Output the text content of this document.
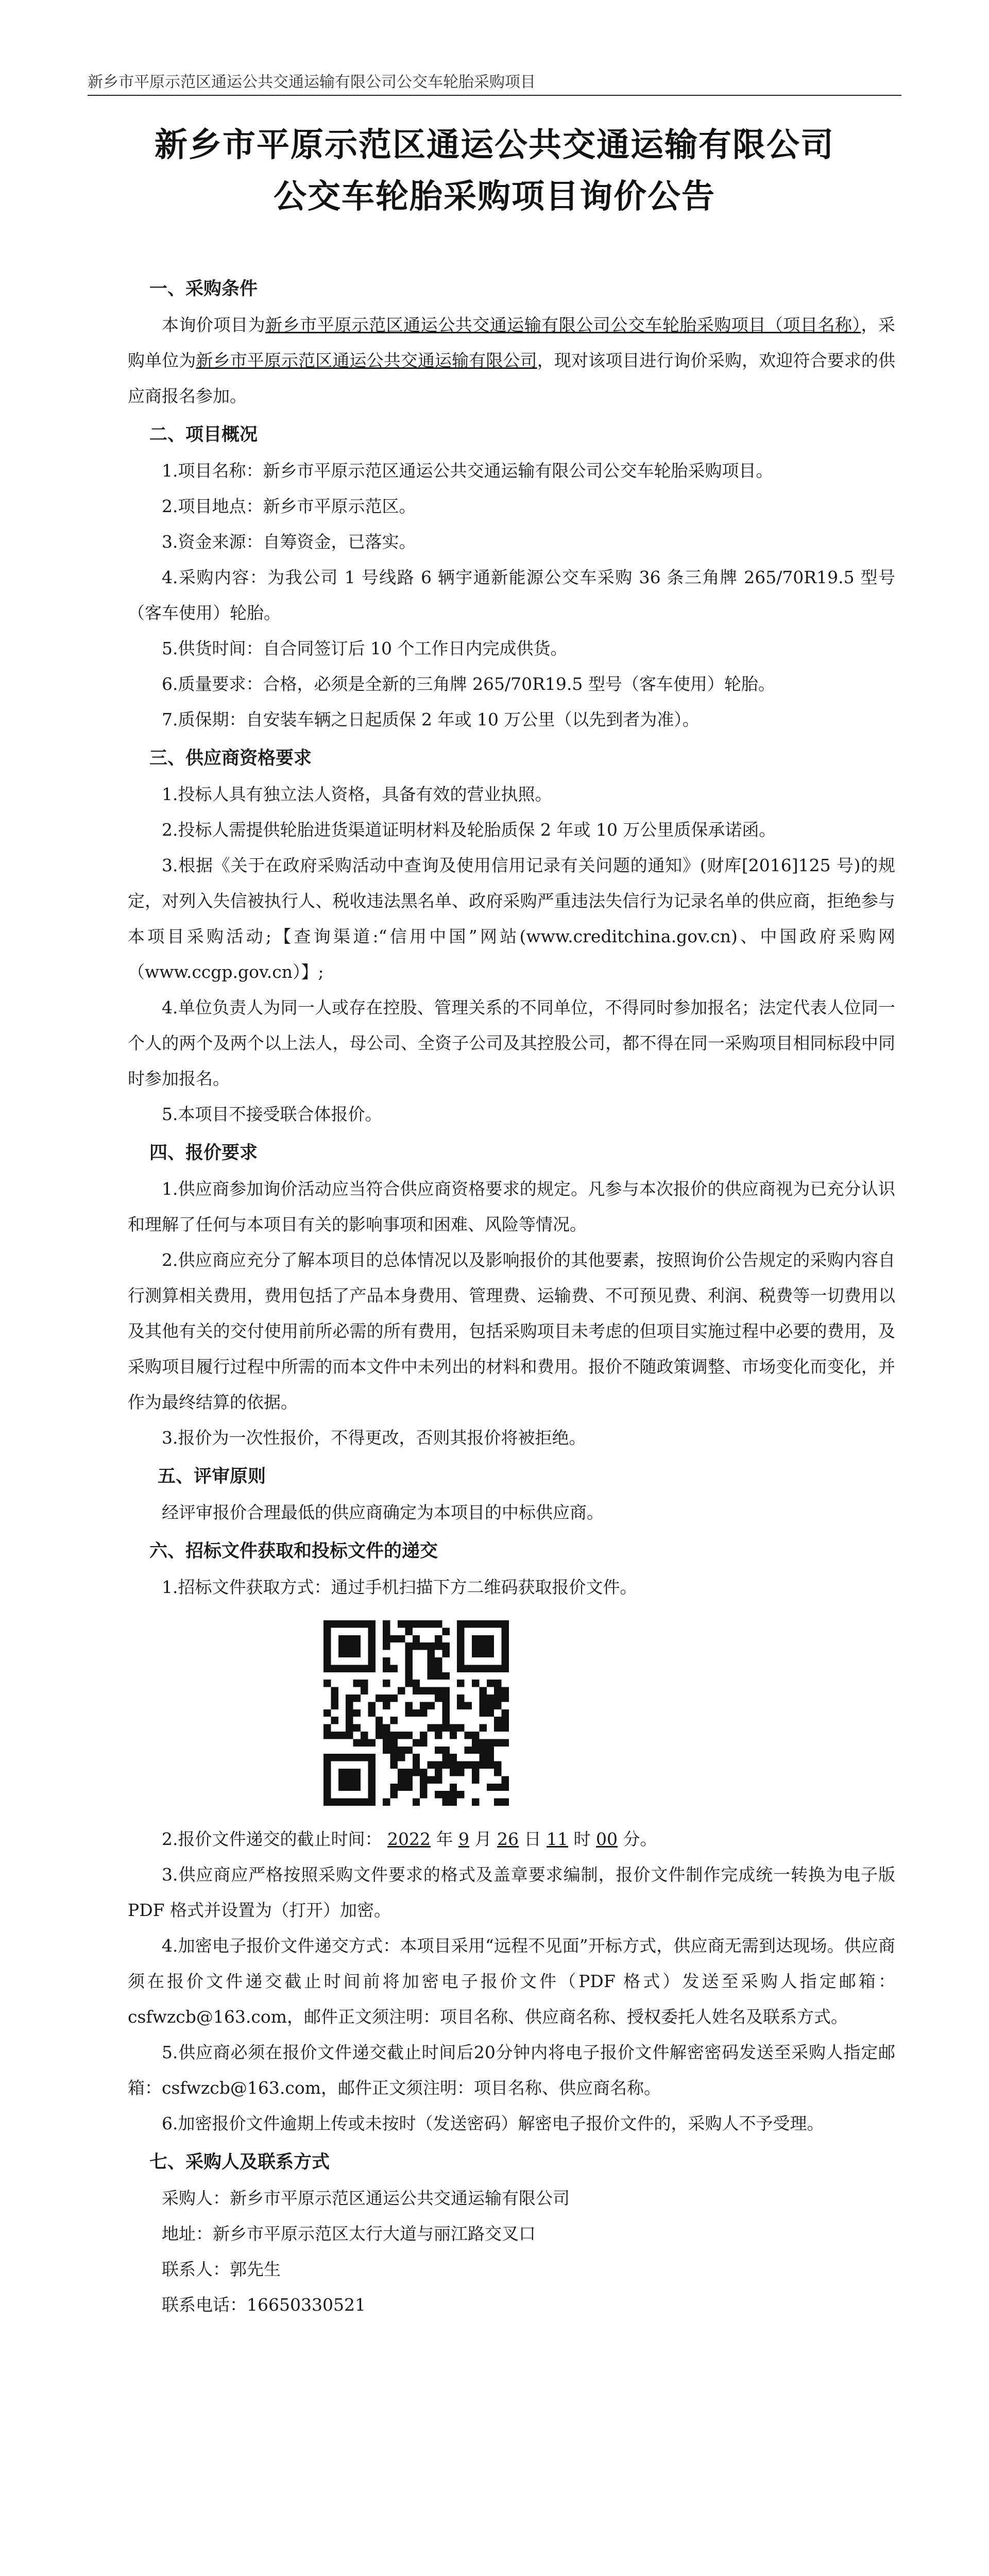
新乡市平原示范区通运公共交通运输有限公司公交车轮胎采购项目
新乡市平原示范区通运公共交通运输有限公司
公交车轮胎采购项目询价公告
一、采购条件

本询价项目为新乡市平原示范区通运公共交通运输有限公司公交车轮胎采购项目（项目名称），采购单位为新乡市平原示范区通运公共交通运输有限公司，现对该项目进行询价采购，欢迎符合要求的供应商报名参加。

二、项目概况

1.项目名称：新乡市平原示范区通运公共交通运输有限公司公交车轮胎采购项目。

2.项目地点：新乡市平原示范区。

3.资金来源：自筹资金，已落实。

4.采购内容：为我公司 1 号线路 6 辆宇通新能源公交车采购 36 条三角牌 265/70R19.5 型号（客车使用）轮胎。

5.供货时间：自合同签订后 10 个工作日内完成供货。

6.质量要求：合格，必须是全新的三角牌 265/70R19.5 型号（客车使用）轮胎。

7.质保期：自安装车辆之日起质保 2 年或 10 万公里（以先到者为准）。

三、供应商资格要求

1.投标人具有独立法人资格，具备有效的营业执照。

2.投标人需提供轮胎进货渠道证明材料及轮胎质保 2 年或 10 万公里质保承诺函。

3.根据《关于在政府采购活动中查询及使用信用记录有关问题的通知》(财库[2016]125 号)的规定，对列入失信被执行人、税收违法黑名单、政府采购严重违法失信行为记录名单的供应商，拒绝参与本项目采购活动;【查询渠道:“信用中国”网站(www.creditchina.gov.cn)、中国政府采购网（www.ccgp.gov.cn）】;

4.单位负责人为同一人或存在控股、管理关系的不同单位，不得同时参加报名；法定代表人位同一个人的两个及两个以上法人，母公司、全资子公司及其控股公司，都不得在同一采购项目相同标段中同时参加报名。

5.本项目不接受联合体报价。

四、报价要求

1.供应商参加询价活动应当符合供应商资格要求的规定。凡参与本次报价的供应商视为已充分认识和理解了任何与本项目有关的影响事项和困难、风险等情况。

2.供应商应充分了解本项目的总体情况以及影响报价的其他要素，按照询价公告规定的采购内容自行测算相关费用，费用包括了产品本身费用、管理费、运输费、不可预见费、利润、税费等一切费用以及其他有关的交付使用前所必需的所有费用，包括采购项目未考虑的但项目实施过程中必要的费用，及采购项目履行过程中所需的而本文件中未列出的材料和费用。报价不随政策调整、市场变化而变化，并作为最终结算的依据。

3.报价为一次性报价，不得更改，否则其报价将被拒绝。

五、评审原则

经评审报价合理最低的供应商确定为本项目的中标供应商。

六、招标文件获取和投标文件的递交

1.招标文件获取方式：通过手机扫描下方二维码获取报价文件。

2.报价文件递交的截止时间： 2022 年 9 月 26 日 11 时 00 分。

3.供应商应严格按照采购文件要求的格式及盖章要求编制，报价文件制作完成统一转换为电子版 PDF 格式并设置为（打开）加密。

4.加密电子报价文件递交方式：本项目采用“远程不见面”开标方式，供应商无需到达现场。供应商须在报价文件递交截止时间前将加密电子报价文件（PDF 格式）发送至采购人指定邮箱：csfwzcb@163.com，邮件正文须注明：项目名称、供应商名称、授权委托人姓名及联系方式。

5.供应商必须在报价文件递交截止时间后20分钟内将电子报价文件解密密码发送至采购人指定邮箱：csfwzcb@163.com，邮件正文须注明：项目名称、供应商名称。

6.加密报价文件逾期上传或未按时（发送密码）解密电子报价文件的，采购人不予受理。

七、采购人及联系方式

采购人：新乡市平原示范区通运公共交通运输有限公司

地址：新乡市平原示范区太行大道与丽江路交叉口

联系人：郭先生

联系电话：16650330521
